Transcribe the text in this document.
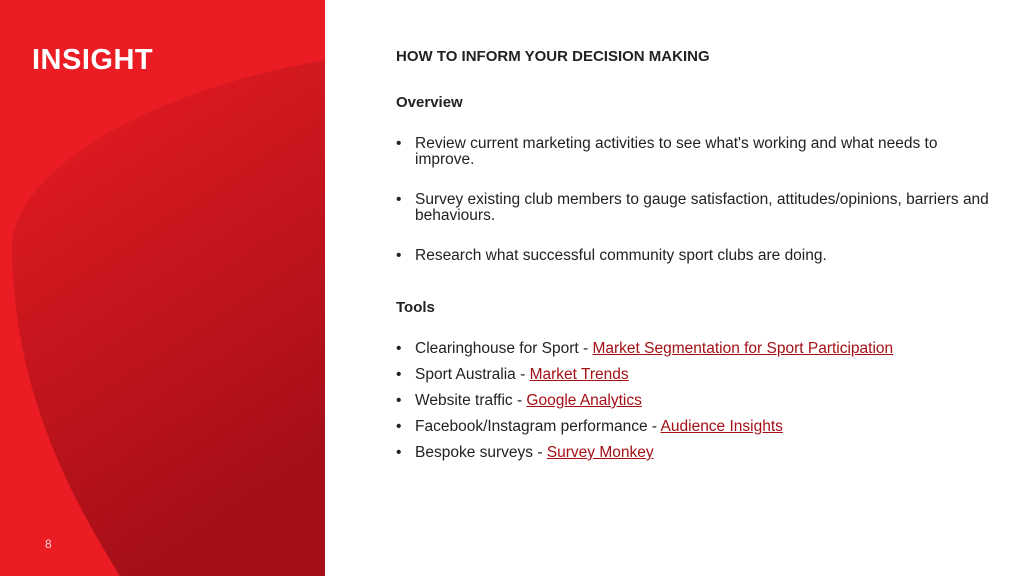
INSIGHT
8
HOW TO INFORM YOUR DECISION MAKING
Overview
• Review current marketing activities to see what's working and what needs to improve.
• Survey existing club members to gauge satisfaction, attitudes/opinions, barriers and behaviours.
• Research what successful community sport clubs are doing.
Tools
• Clearinghouse for Sport - Market Segmentation for Sport Participation
• Sport Australia - Market Trends
• Website traffic - Google Analytics
• Facebook/Instagram performance - Audience Insights
• Bespoke surveys - Survey Monkey
